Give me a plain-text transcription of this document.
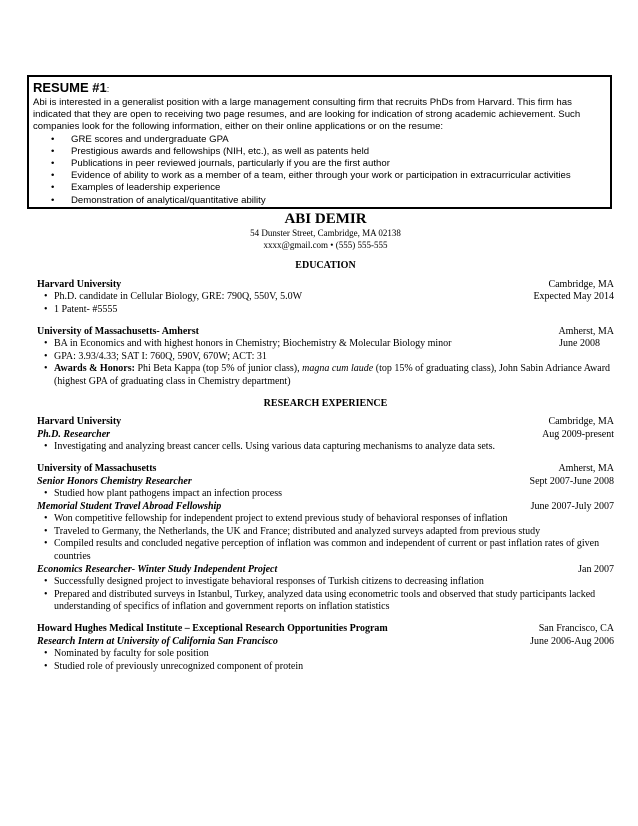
RESUME #1:
Abi is interested in a generalist position with a large management consulting firm that recruits PhDs from Harvard. This firm has indicated that they are open to receiving two page resumes, and are looking for indication of strong academic achievement. Such companies look for the following information, either on their online applications or on the resume:
• GRE scores and undergraduate GPA
• Prestigious awards and fellowships (NIH, etc.), as well as patents held
• Publications in peer reviewed journals, particularly if you are the first author
• Evidence of ability to work as a member of a team, either through your work or participation in extracurricular activities
• Examples of leadership experience
• Demonstration of analytical/quantitative ability
ABI DEMIR
54 Dunster Street, Cambridge, MA 02138
xxxx@gmail.com • (555) 555-555
EDUCATION
Harvard University	Cambridge, MA
• Ph.D. candidate in Cellular Biology, GRE: 790Q, 550V, 5.0W	Expected May 2014
• 1 Patent- #5555
University of Massachusetts- Amherst	Amherst, MA
• BA in Economics and with highest honors in Chemistry; Biochemistry & Molecular Biology minor	June 2008
• GPA: 3.93/4.33; SAT I: 760Q, 590V, 670W; ACT: 31
• Awards & Honors: Phi Beta Kappa (top 5% of junior class), magna cum laude (top 15% of graduating class), John Sabin Adriance Award (highest GPA of graduating class in Chemistry department)
RESEARCH EXPERIENCE
Harvard University	Cambridge, MA
Ph.D. Researcher	Aug 2009-present
• Investigating and analyzing breast cancer cells. Using various data capturing mechanisms to analyze data sets.
University of Massachusetts	Amherst, MA
Senior Honors Chemistry Researcher	Sept 2007-June 2008
• Studied how plant pathogens impact an infection process
Memorial Student Travel Abroad Fellowship	June 2007-July 2007
• Won competitive fellowship for independent project to extend previous study of behavioral responses of inflation
• Traveled to Germany, the Netherlands, the UK and France; distributed and analyzed surveys adapted from previous study
• Compiled results and concluded negative perception of inflation was common and independent of current or past inflation rates of given countries
Economics Researcher- Winter Study Independent Project	Jan 2007
• Successfully designed project to investigate behavioral responses of Turkish citizens to decreasing inflation
• Prepared and distributed surveys in Istanbul, Turkey, analyzed data using econometric tools and observed that study participants lacked understanding of specifics of inflation and government reports on inflation statistics
Howard Hughes Medical Institute – Exceptional Research Opportunities Program	San Francisco, CA
Research Intern at University of California San Francisco	June 2006-Aug 2006
• Nominated by faculty for sole position
• Studied role of previously unrecognized component of protein
